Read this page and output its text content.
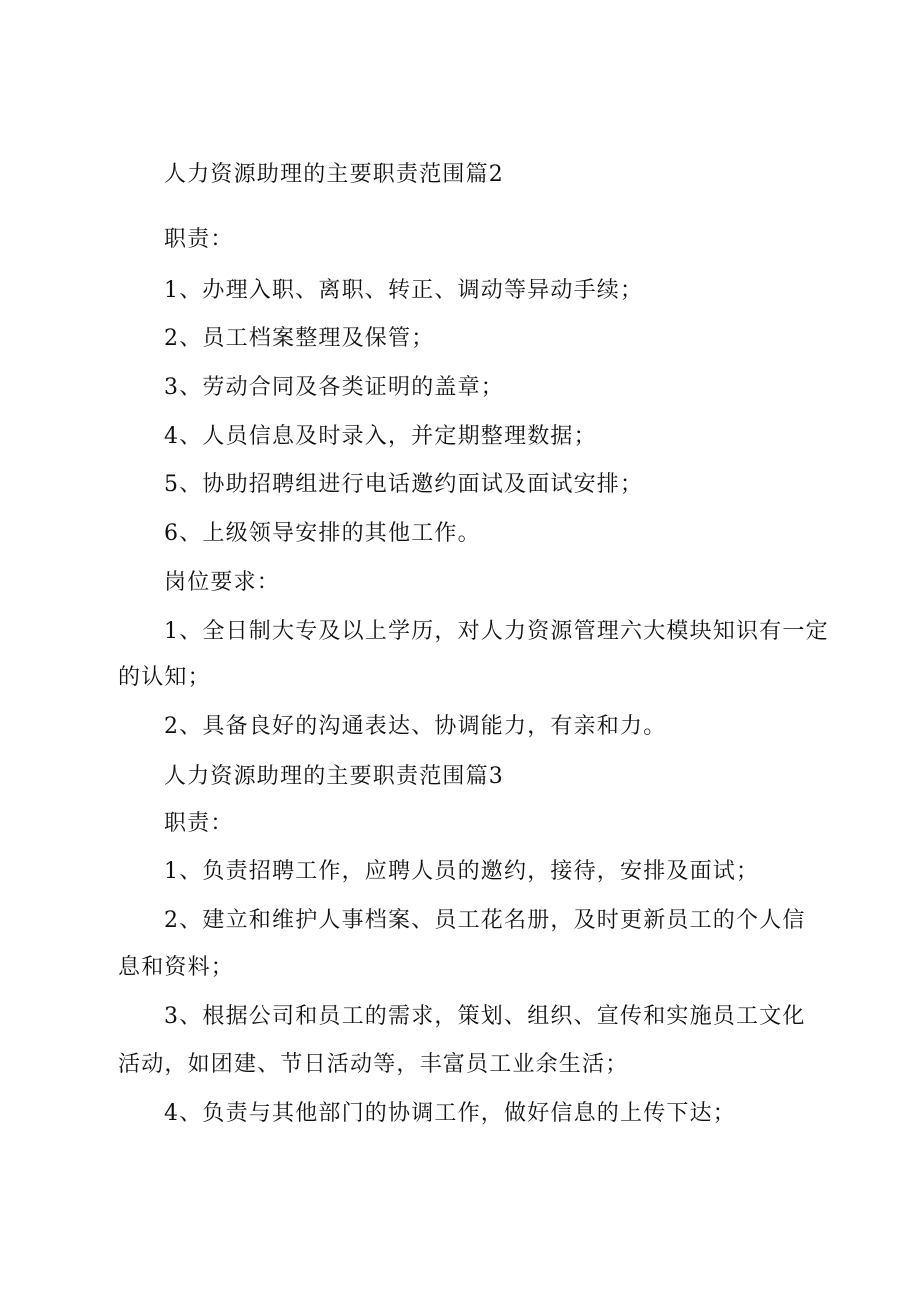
人力资源助理的主要职责范围篇2
职责：
1、办理入职、离职、转正、调动等异动手续；
2、员工档案整理及保管；
3、劳动合同及各类证明的盖章；
4、人员信息及时录入，并定期整理数据；
5、协助招聘组进行电话邀约面试及面试安排；
6、上级领导安排的其他工作。
岗位要求：
1、全日制大专及以上学历，对人力资源管理六大模块知识有一定
的认知；
2、具备良好的沟通表达、协调能力，有亲和力。
人力资源助理的主要职责范围篇3
职责：
1、负责招聘工作，应聘人员的邀约，接待，安排及面试；
2、建立和维护人事档案、员工花名册，及时更新员工的个人信
息和资料；
3、根据公司和员工的需求，策划、组织、宣传和实施员工文化
活动，如团建、节日活动等，丰富员工业余生活；
4、负责与其他部门的协调工作，做好信息的上传下达；
